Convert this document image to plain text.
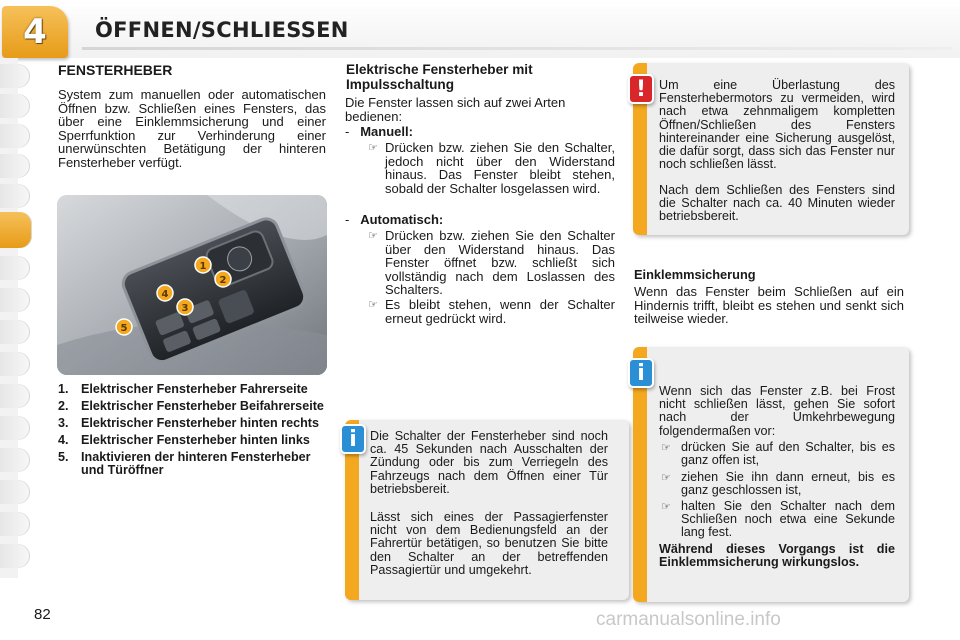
4	ÖFFNEN/SCHLIESSEN
FENSTERHEBER
System zum manuellen oder automatischen Öffnen bzw. Schließen eines Fensters, das über eine Einklemmsicherung und einer Sperrfunktion zur Verhinderung einer unerwünschten Betätigung der hinteren Fensterheber verfügt.
1
2
3
4
5
1. Elektrischer Fensterheber Fahrerseite
2. Elektrischer Fensterheber Beifahrerseite
3. Elektrischer Fensterheber hinten rechts
4. Elektrischer Fensterheber hinten links
5. Inaktivieren der hinteren Fensterheber und Türöffner
Elektrische Fensterheber mit Impulsschaltung
Die Fenster lassen sich auf zwei Arten bedienen:
- Manuell:
☞ Drücken bzw. ziehen Sie den Schalter, jedoch nicht über den Widerstand hinaus. Das Fenster bleibt stehen, sobald der Schalter losgelassen wird.
- Automatisch:
☞ Drücken bzw. ziehen Sie den Schalter über den Widerstand hinaus. Das Fenster öffnet bzw. schließt sich vollständig nach dem Loslassen des Schalters.
☞ Es bleibt stehen, wenn der Schalter erneut gedrückt wird.
i	Die Schalter der Fensterheber sind noch ca. 45 Sekunden nach Ausschalten der Zündung oder bis zum Verriegeln des Fahrzeugs nach dem Öffnen einer Tür betriebsbereit.
Lässt sich eines der Passagierfenster nicht von dem Bedienungsfeld an der Fahrertür betätigen, so benutzen Sie bitte den Schalter an der betreffenden Passagiertür und umgekehrt.
!	Um eine Überlastung des Fensterhebermotors zu vermeiden, wird nach etwa zehnmaligem kompletten Öffnen/Schließen des Fensters hintereinander eine Sicherung ausgelöst, die dafür sorgt, dass sich das Fenster nur noch schließen lässt.
Nach dem Schließen des Fensters sind die Schalter nach ca. 40 Minuten wieder betriebsbereit.
Einklemmsicherung
Wenn das Fenster beim Schließen auf ein Hindernis trifft, bleibt es stehen und senkt sich teilweise wieder.
i
Wenn sich das Fenster z.B. bei Frost nicht schließen lässt, gehen Sie sofort nach der Umkehrbewegung folgendermaßen vor:
☞ drücken Sie auf den Schalter, bis es ganz offen ist,
☞ ziehen Sie ihn dann erneut, bis es ganz geschlossen ist,
☞ halten Sie den Schalter nach dem Schließen noch etwa eine Sekunde lang fest.
Während dieses Vorgangs ist die Einklemmsicherung wirkungslos.
82	carmanualsonline.info
